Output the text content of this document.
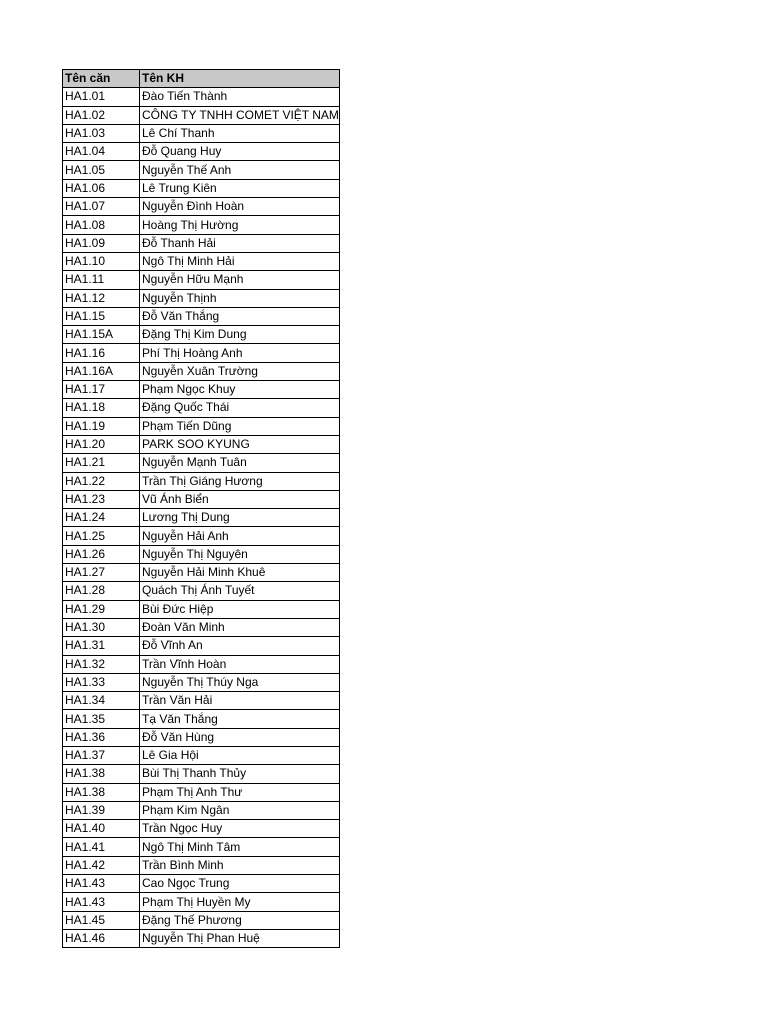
Tên căn	Tên KH
HA1.01	Đào Tiến Thành
HA1.02	CÔNG TY TNHH COMET VIỆT NAM
HA1.03	Lê Chí Thanh
HA1.04	Đỗ Quang Huy
HA1.05	Nguyễn Thế Anh
HA1.06	Lê Trung Kiên
HA1.07	Nguyễn Đình Hoàn
HA1.08	Hoàng Thị Hường
HA1.09	Đỗ Thanh Hải
HA1.10	Ngô Thị Minh Hải
HA1.11	Nguyễn Hữu Mạnh
HA1.12	Nguyễn Thịnh
HA1.15	Đỗ Văn Thắng
HA1.15A	Đặng Thị Kim Dung
HA1.16	Phí Thị Hoàng Anh
HA1.16A	Nguyễn Xuân Trường
HA1.17	Phạm Ngọc Khuy
HA1.18	Đặng Quốc Thái
HA1.19	Phạm Tiến Dũng
HA1.20	PARK SOO KYUNG
HA1.21	Nguyễn Mạnh Tuân
HA1.22	Trần Thị Giáng Hương
HA1.23	Vũ Ánh Biển
HA1.24	Lương Thị Dung
HA1.25	Nguyễn Hải Anh
HA1.26	Nguyễn Thị Nguyên
HA1.27	Nguyễn Hải Minh Khuê
HA1.28	Quách Thị Ánh Tuyết
HA1.29	Bùi Đức Hiệp
HA1.30	Đoàn Văn Minh
HA1.31	Đỗ Vĩnh An
HA1.32	Trần Vĩnh Hoàn
HA1.33	Nguyễn Thị Thúy Nga
HA1.34	Trần Văn Hải
HA1.35	Tạ Văn Thắng
HA1.36	Đỗ Văn Hùng
HA1.37	Lê Gia Hội
HA1.38	Bùi Thị Thanh Thủy
HA1.38	Phạm Thị Anh Thư
HA1.39	Phạm Kim Ngân
HA1.40	Trần Ngọc Huy
HA1.41	Ngô Thị Minh Tâm
HA1.42	Trần Bình Minh
HA1.43	Cao Ngọc Trung
HA1.43	Phạm Thị Huyền My
HA1.45	Đặng Thế Phương
HA1.46	Nguyễn Thị Phan Huệ
